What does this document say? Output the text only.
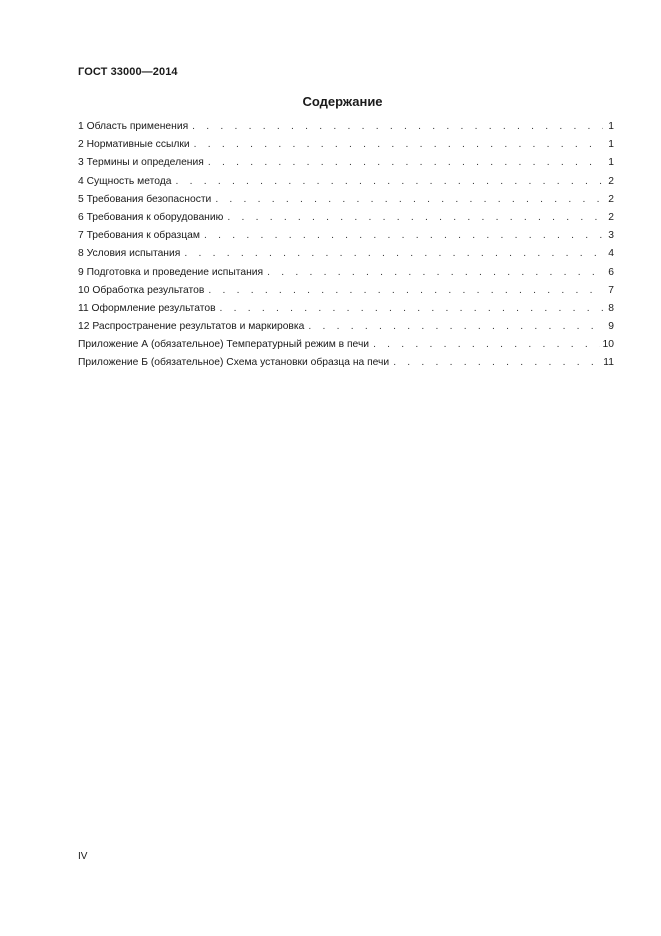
ГОСТ 33000—2014
Содержание
1 Область применения . . .	1
2 Нормативные ссылки . . .	1
3 Термины и определения . . .	1
4 Сущность метода . . .	2
5 Требования безопасности . . .	2
6 Требования к оборудованию . . .	2
7 Требования к образцам . . .	3
8 Условия испытания . . .	4
9 Подготовка и проведение испытания . . .	6
10 Обработка результатов . . .	7
11 Оформление результатов . . .	8
12 Распространение результатов и маркировка . . .	9
Приложение А (обязательное) Температурный режим в печи . . .	10
Приложение Б (обязательное) Схема установки образца на печи . . .	11
IV
